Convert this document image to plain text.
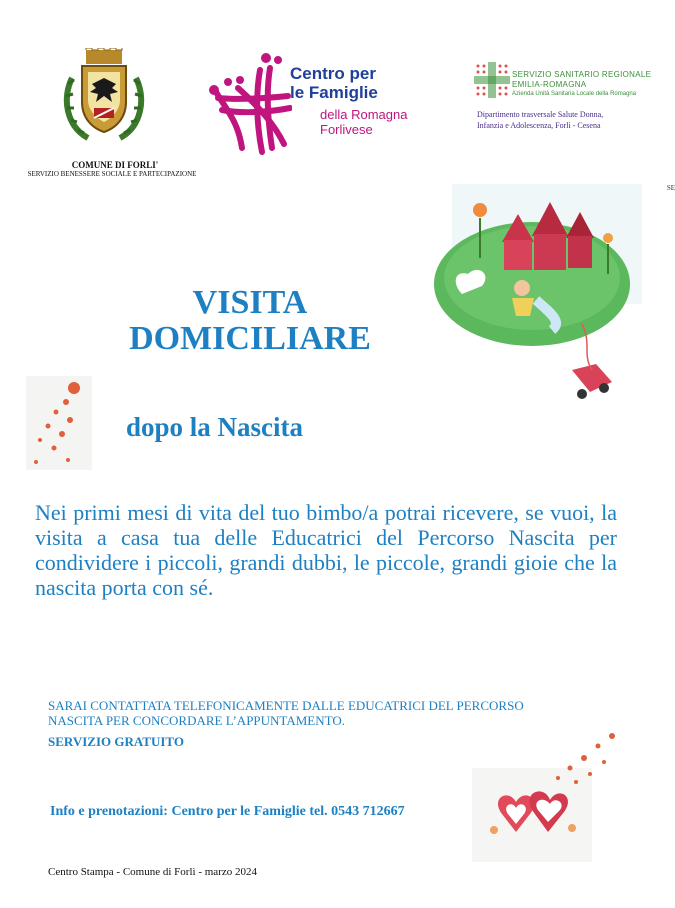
COMUNE DI FORLI'
SERVIZIO BENESSERE SOCIALE E PARTECIPAZIONE
Centro per
le Famiglie
della Romagna
Forlivese
SERVIZIO SANITARIO REGIONALE
EMILIA-ROMAGNA
Azienda Unità Sanitaria Locale della Romagna
Dipartimento trasversale Salute Donna,
Infanzia e Adolescenza, Forlì - Cesena
SE
VISITA
DOMICILIARE
dopo la Nascita
Nei primi mesi di vita del tuo bimbo/a potrai ricevere, se vuoi, la visita a casa tua delle Educatrici del Percorso Nascita per condividere i piccoli, grandi dubbi, le piccole, grandi gioie che la nascita porta con sé.
SARAI CONTATTATA TELEFONICAMENTE DALLE EDUCATRICI DEL PERCORSO
NASCITA PER CONCORDARE L’APPUNTAMENTO.
SERVIZIO GRATUITO
Info e prenotazioni: Centro per le Famiglie tel. 0543 712667
Centro Stampa - Comune di Forlì - marzo 2024
